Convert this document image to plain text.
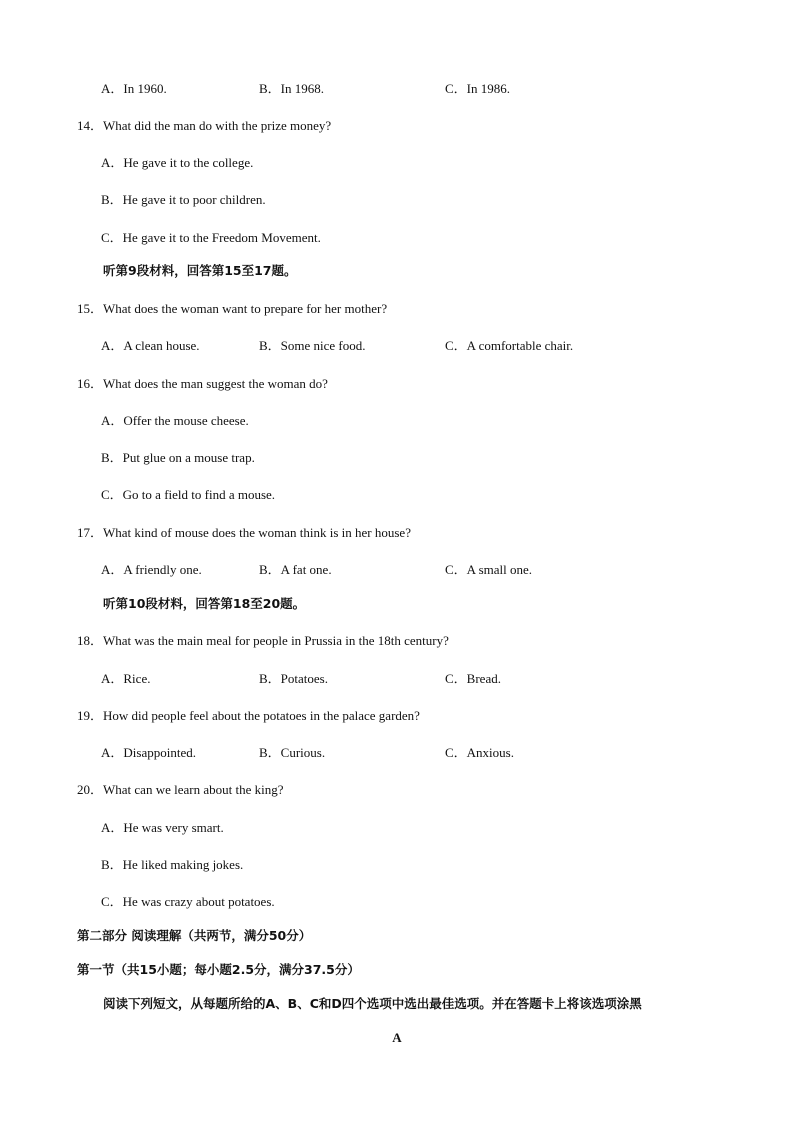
A．In 1960.	B．In 1968.	C．In 1986.
14．What did the man do with the prize money?
A．He gave it to the college.
B．He gave it to poor children.
C．He gave it to the Freedom Movement.
听第9段材料，回答第15至17题。
15．What does the woman want to prepare for her mother?
A．A clean house.	B．Some nice food.	C．A comfortable chair.
16．What does the man suggest the woman do?
A．Offer the mouse cheese.
B．Put glue on a mouse trap.
C．Go to a field to find a mouse.
17．What kind of mouse does the woman think is in her house?
A．A friendly one.	B．A fat one.	C．A small one.
听第10段材料，回答第18至20题。
18．What was the main meal for people in Prussia in the 18th century?
A．Rice.	B．Potatoes.	C．Bread.
19．How did people feel about the potatoes in the palace garden?
A．Disappointed.	B．Curious.	C．Anxious.
20．What can we learn about the king?
A．He was very smart.
B．He liked making jokes.
C．He was crazy about potatoes.
第二部分 阅读理解（共两节，满分50分）
第一节（共15小题；每小题2.5分，满分37.5分）
阅读下列短文，从每题所给的A、B、C和D四个选项中选出最佳选项。并在答题卡上将该选项涂黑
A
